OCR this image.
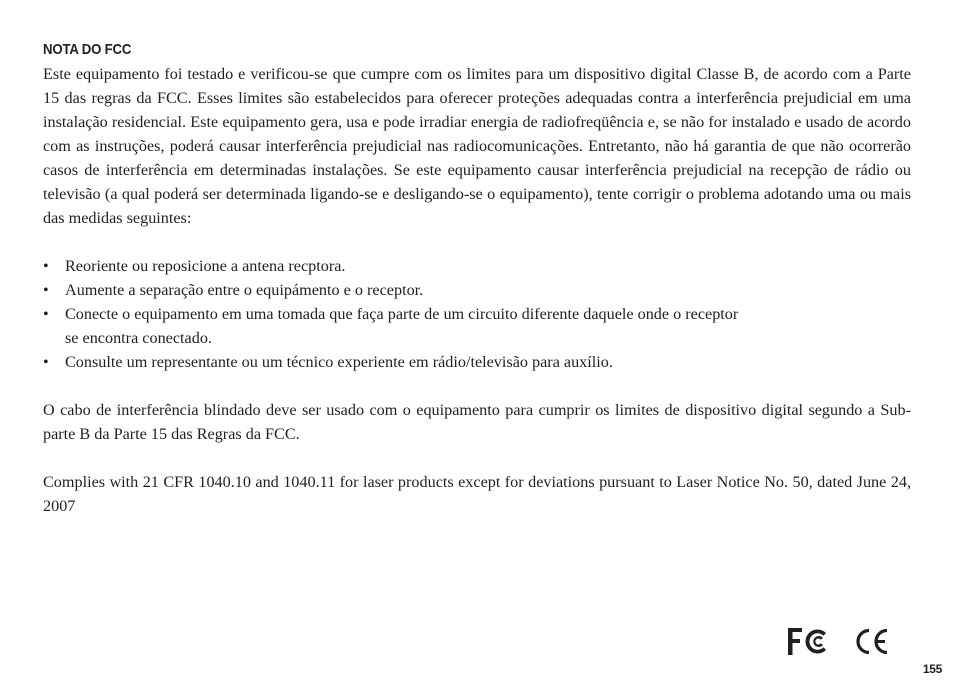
NOTA DO FCC

Este equipamento foi testado e verificou-se que cumpre com os limites para um dispositivo digital Classe B, de acordo com a Parte 15 das regras da FCC. Esses limites são estabelecidos para oferecer proteções adequadas contra a interferência prejudicial em uma instalação residencial. Este equipamento gera, usa e pode irradiar energia de radiofreqüência e, se não for instalado e usado de acordo com as instruções, poderá causar interferência prejudicial nas radiocomunicações. Entretanto, não há garantia de que não ocorrerão casos de interferência em determinadas instalações. Se este equipamento causar interferência prejudicial na recepção de rádio ou televisão (a qual poderá ser determinada ligando-se e desligando-se o equipamento), tente corrigir o problema adotando uma ou mais das medidas seguintes:

• Reoriente ou reposicione a antena recptora.
• Aumente a separação entre o equipámento e o receptor.
• Conecte o equipamento em uma tomada que faça parte de um circuito diferente daquele onde o receptor
se encontra conectado.
• Consulte um representante ou um técnico experiente em rádio/televisão para auxílio.

O cabo de interferência blindado deve ser usado com o equipamento para cumprir os limites de dispositivo digital segundo a Sub-parte B da Parte 15 das Regras da FCC.

Complies with 21 CFR 1040.10 and 1040.11 for laser products except for deviations pursuant to Laser Notice No. 50, dated June 24, 2007

155
